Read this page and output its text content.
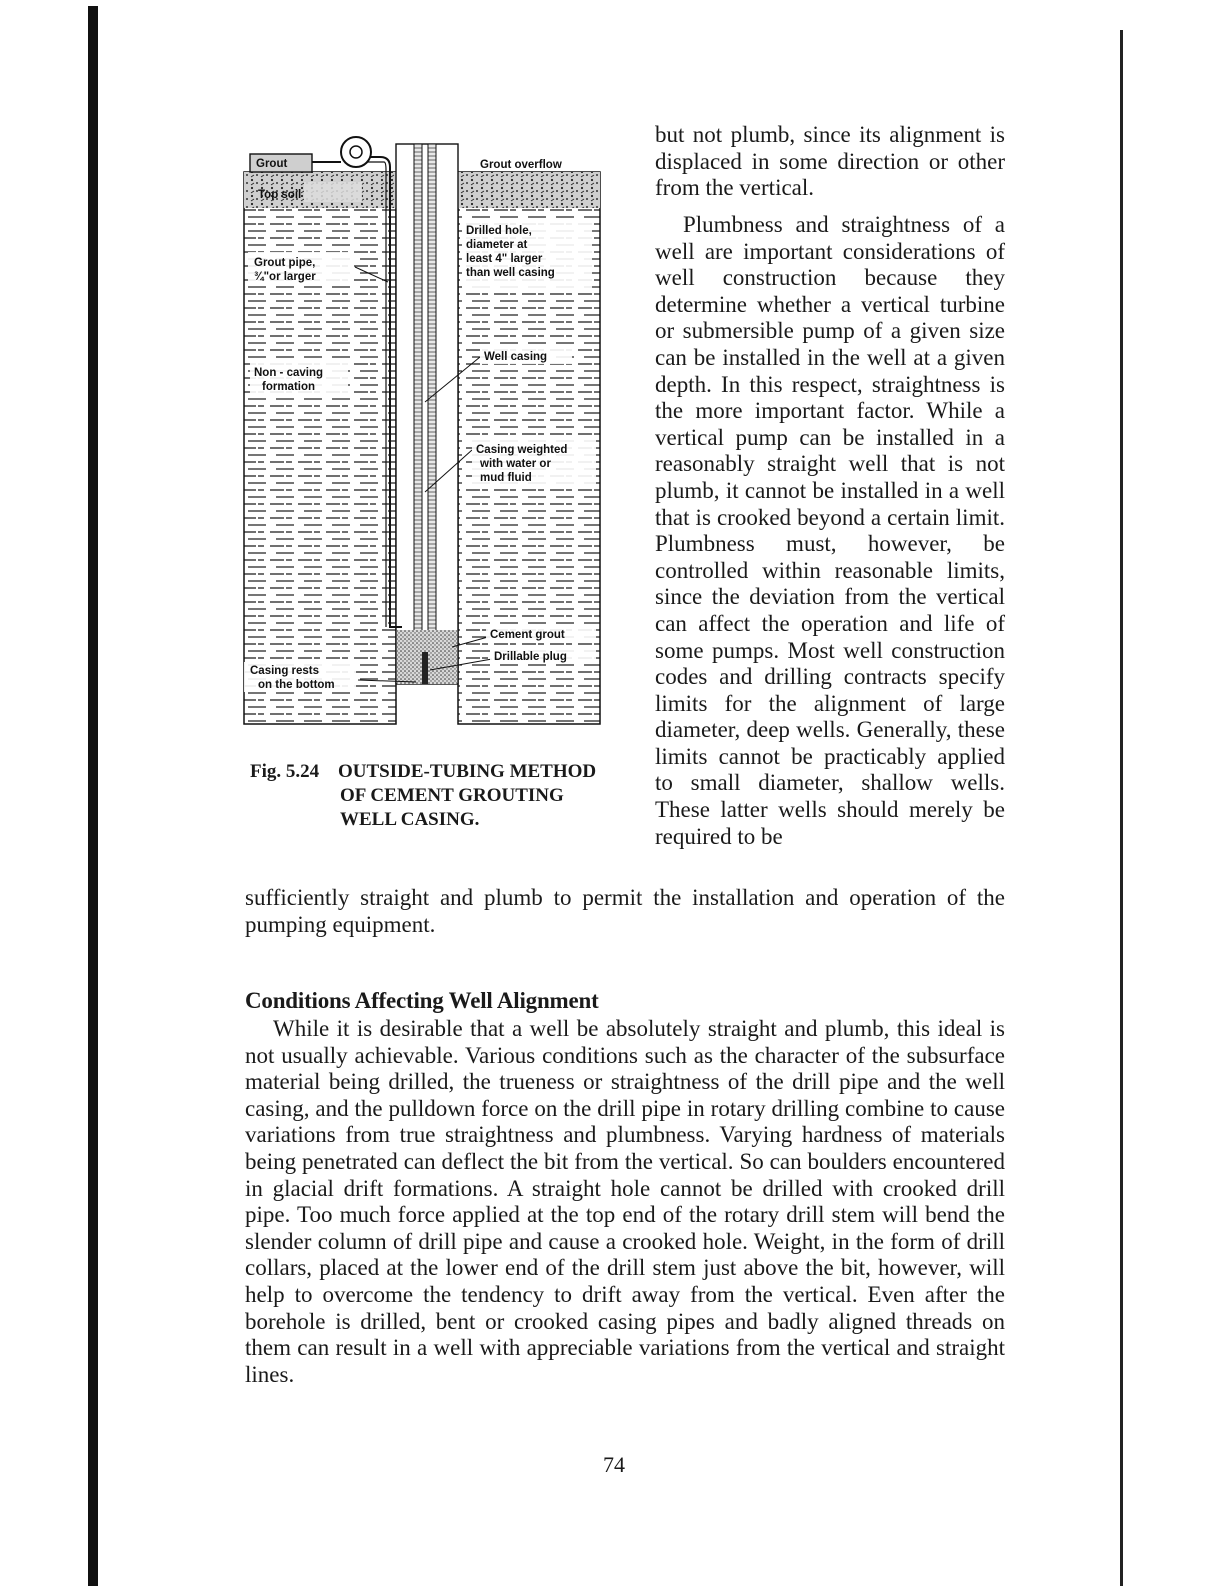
Grout
Top soil
Grout pipe,
¾"or larger
Non - caving
formation
Casing rests
on the bottom
Grout overflow
Drilled hole,
diameter at
least 4" larger
than well casing
Well casing
Casing weighted
with water or
mud fluid
Cement grout
Drillable plug
Fig. 5.24 OUTSIDE-TUBING METHOD
OF CEMENT GROUTING
WELL CASING.

but not plumb, since its alignment is displaced in some direction or other from the vertical.

Plumbness and straightness of a well are important considerations of well construction because they determine whether a vertical turbine or submersible pump of a given size can be installed in the well at a given depth. In this respect, straightness is the more important factor. While a vertical pump can be installed in a reasonably straight well that is not plumb, it cannot be installed in a well that is crooked beyond a certain limit. Plumbness must, however, be controlled within reasonable limits, since the deviation from the vertical can affect the operation and life of some pumps. Most well construction codes and drilling contracts specify limits for the alignment of large diameter, deep wells. Generally, these limits cannot be practicably applied to small diameter, shallow wells. These latter wells should merely be required to be

sufficiently straight and plumb to permit the installation and operation of the pumping equipment.

Conditions Affecting Well Alignment

While it is desirable that a well be absolutely straight and plumb, this ideal is not usually achievable. Various conditions such as the character of the subsurface material being drilled, the trueness or straightness of the drill pipe and the well casing, and the pulldown force on the drill pipe in rotary drilling combine to cause variations from true straightness and plumbness. Varying hardness of materials being penetrated can deflect the bit from the vertical. So can boulders encountered in glacial drift formations. A straight hole cannot be drilled with crooked drill pipe. Too much force applied at the top end of the rotary drill stem will bend the slender column of drill pipe and cause a crooked hole. Weight, in the form of drill collars, placed at the lower end of the drill stem just above the bit, however, will help to overcome the tendency to drift away from the vertical. Even after the borehole is drilled, bent or crooked casing pipes and badly aligned threads on them can result in a well with appreciable variations from the vertical and straight lines.

74
